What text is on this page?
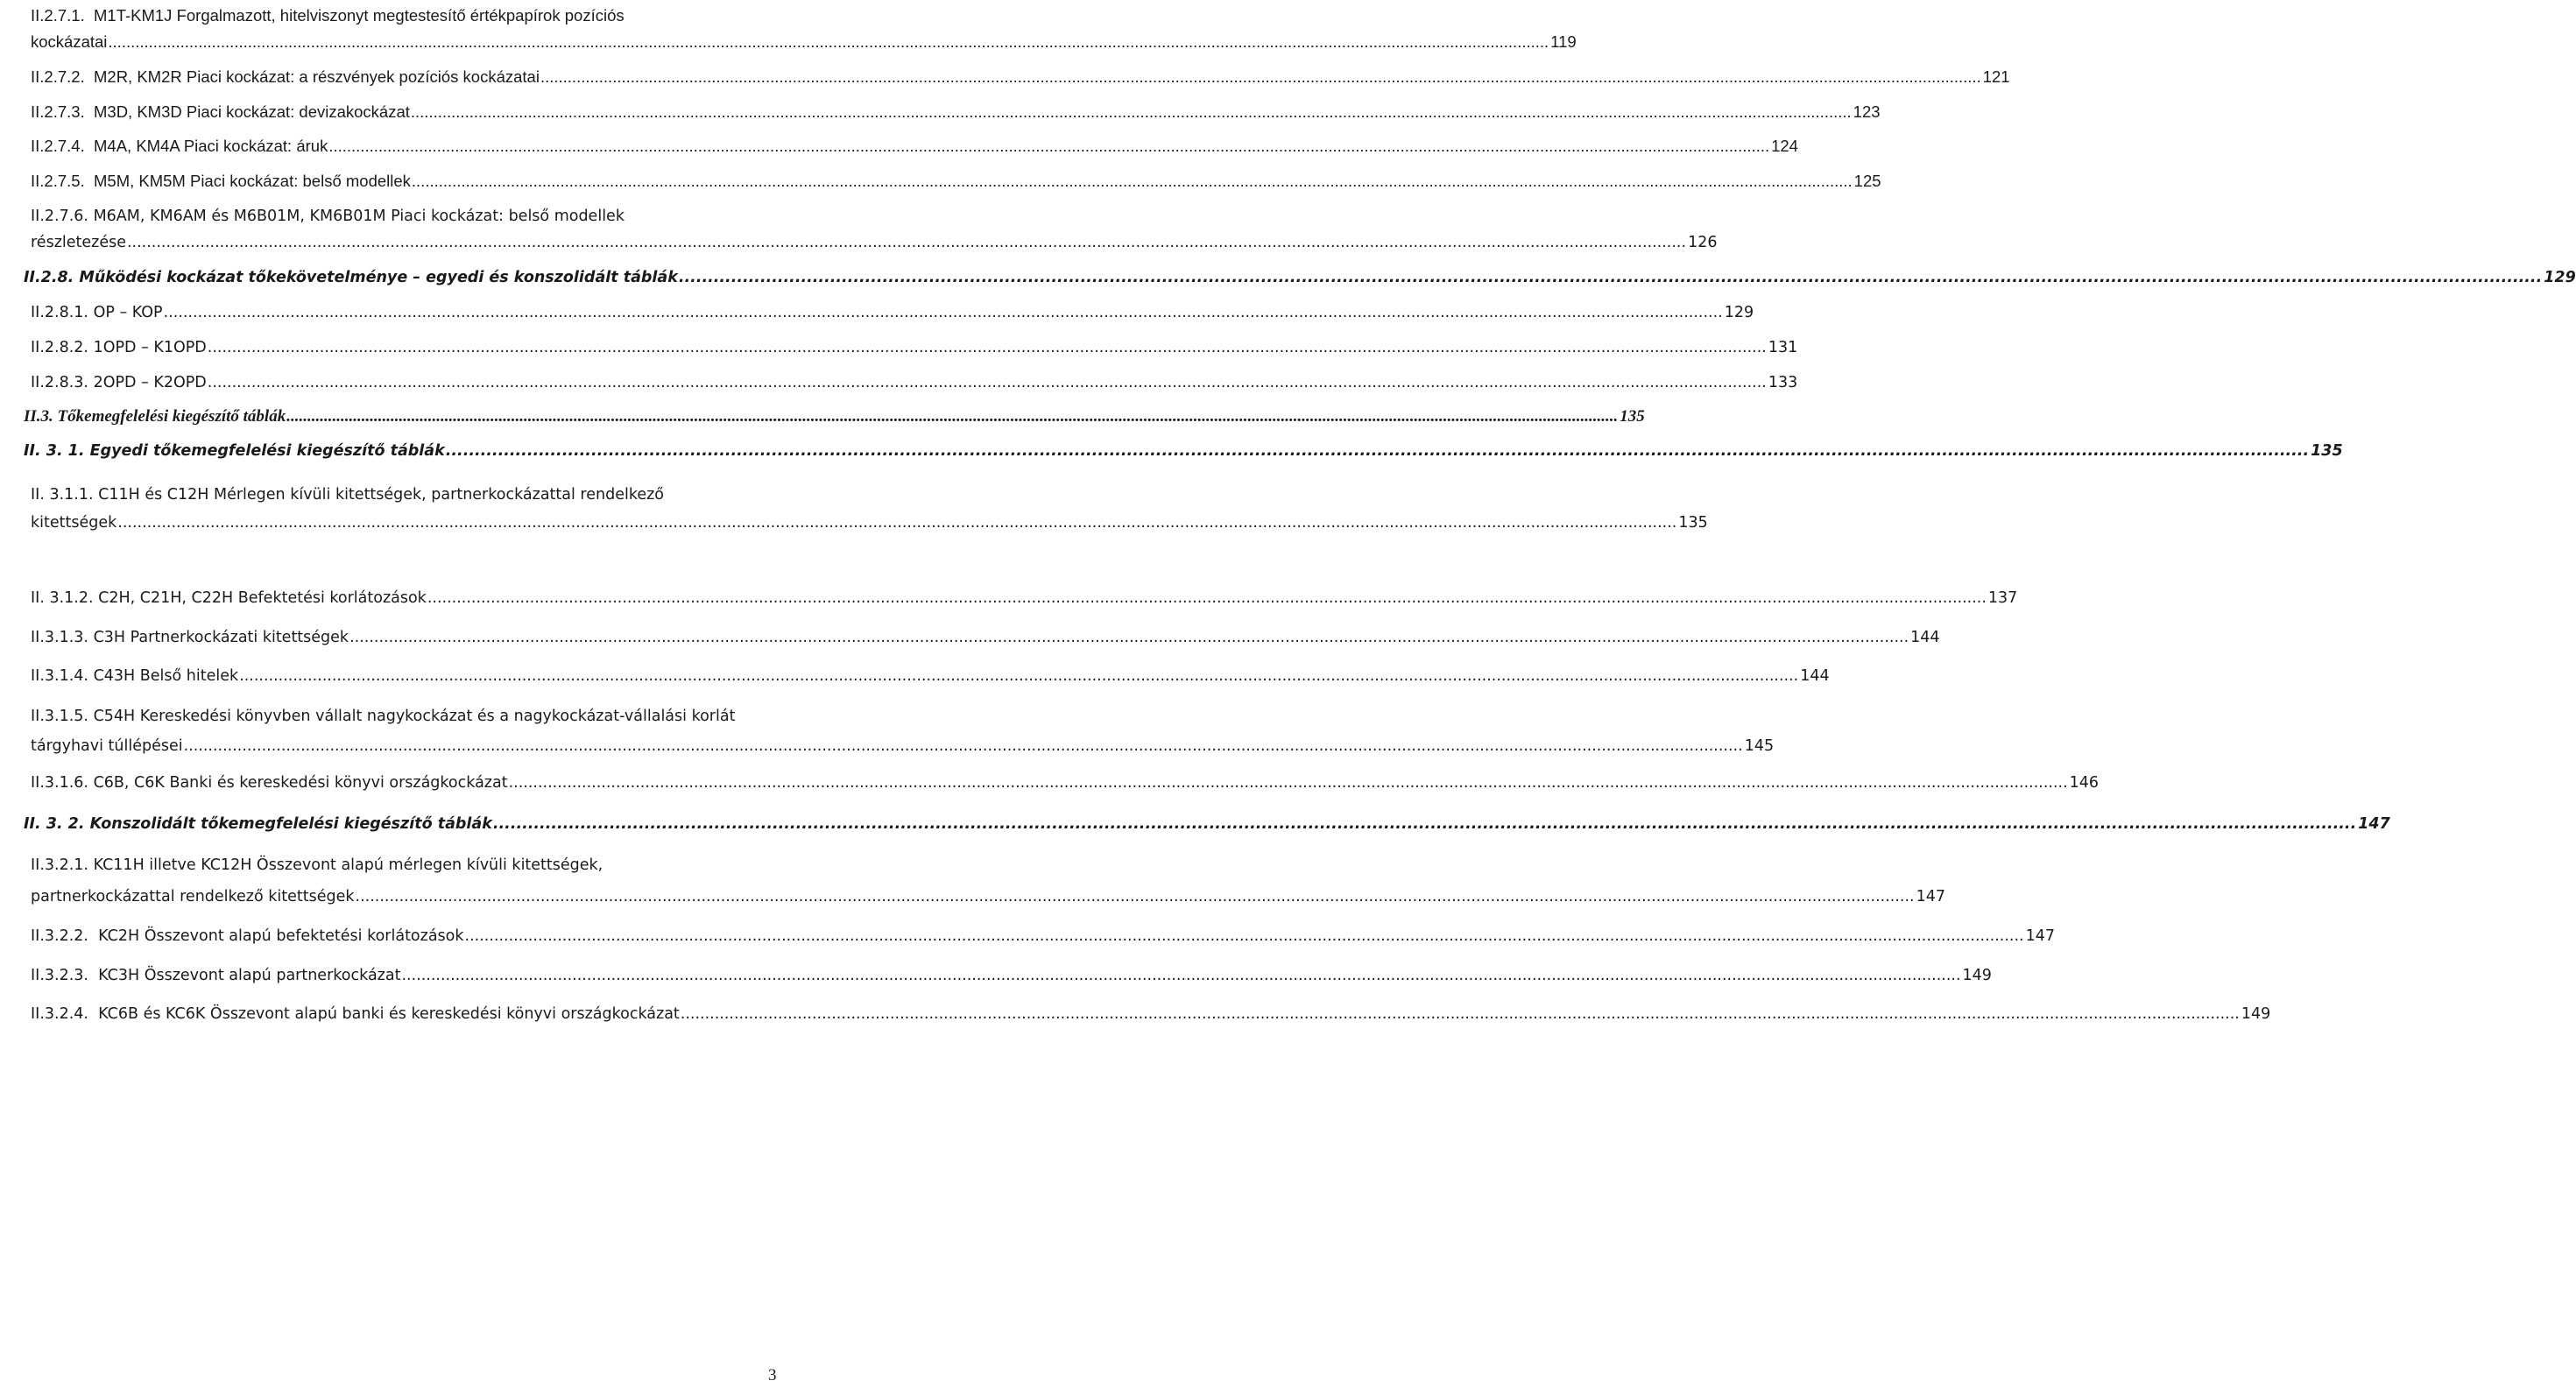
II.2.7.1. M1T-KM1J Forgalmazott, hitelviszonyt megtestesítő értékpapírok pozíciós
kockázatai .....	119
II.2.7.2. M2R, KM2R Piaci kockázat: a részvények pozíciós kockázatai .....	121
II.2.7.3. M3D, KM3D Piaci kockázat: devizakockázat .....	123
II.2.7.4. M4A, KM4A Piaci kockázat: áruk .....	124
II.2.7.5. M5M, KM5M Piaci kockázat: belső modellek .....	125
II.2.7.6. M6AM, KM6AM és M6B01M, KM6B01M Piaci kockázat: belső modellek
részletezése .....	126
II.2.8. Működési kockázat tőkekövetelménye – egyedi és konszolidált táblák .....	129
II.2.8.1. OP – KOP .....	129
II.2.8.2. 1OPD – K1OPD .....	131
II.2.8.3. 2OPD – K2OPD .....	133
II.3. Tőkemegfelelési kiegészítő táblák .....	135
II. 3. 1. Egyedi tőkemegfelelési kiegészítő táblák .....	135
II. 3.1.1. C11H és C12H Mérlegen kívüli kitettségek, partnerkockázattal rendelkező
kitettségek .....	135
II. 3.1.2. C2H, C21H, C22H Befektetési korlátozások .....	137
II.3.1.3. C3H Partnerkockázati kitettségek .....	144
II.3.1.4. C43H Belső hitelek .....	144
II.3.1.5. C54H Kereskedési könyvben vállalt nagykockázat és a nagykockázat-vállalási korlát
tárgyhavi túllépései .....	145
II.3.1.6. C6B, C6K Banki és kereskedési könyvi országkockázat .....	146
II. 3. 2. Konszolidált tőkemegfelelési kiegészítő táblák .....	147
II.3.2.1. KC11H illetve KC12H Összevont alapú mérlegen kívüli kitettségek,
partnerkockázattal rendelkező kitettségek .....	147
II.3.2.2. KC2H Összevont alapú befektetési korlátozások .....	147
II.3.2.3. KC3H Összevont alapú partnerkockázat .....	149
II.3.2.4. KC6B és KC6K Összevont alapú banki és kereskedési könyvi országkockázat .....	149
3
